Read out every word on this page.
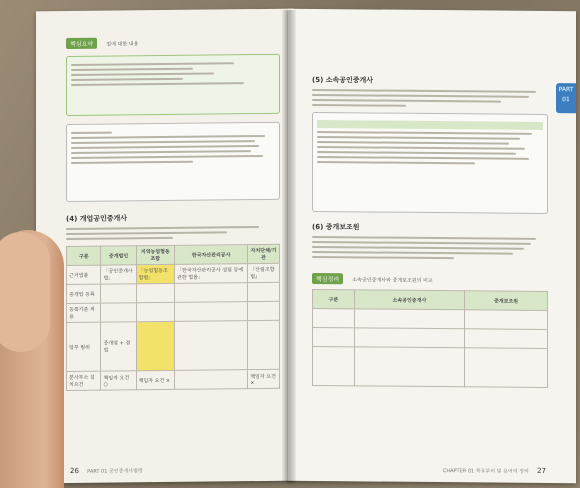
핵심요약	업에 대한 내용
(4) 개업공인중개사
구분	중개법인	지역농업협동조합	한국자산관리공사	자치단체/기관
근거법률	「공인중개사법」	「농업협동조합법」	「한국자산관리공사 설립 등에 관한 법률」	『산림조합법』
중개업 등록				
등록기준 적용				
업무 범위	중개업 + 겸업			
분사무소 설치요건	책임자 요건 ○	책임자 요건 ×		책임자 요건 ×
26 PART 01 공인중개사법령
PART 01
(5) 소속공인중개사
(6) 중개보조원
핵심정리	소속공인중개사와 중개보조원의 비교
구분	소속공인중개사	중개보조원

CHAPTER 01 목표부터 및 용어의 정의 27
